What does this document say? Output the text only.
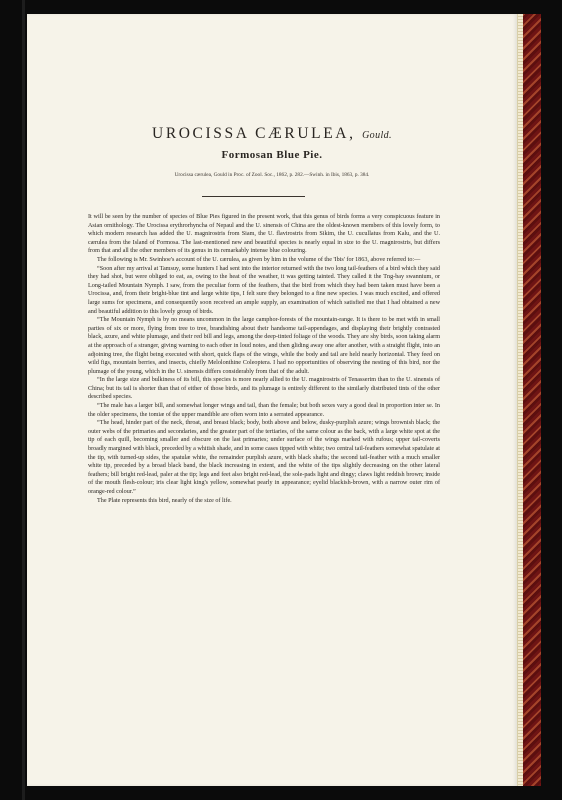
UROCISSA CÆRULEA, Gould.
Formosan Blue Pie.

Urocissa cærulea, Gould in Proc. of Zool. Soc., 1862, p. 282.—Swinh. in Ibis, 1863, p. 384.

It will be seen by the number of species of Blue Pies figured in the present work, that this genus of birds forms a very conspicuous feature in Asian ornithology. The Urocissa erythrorhyncha of Nepaul and the U. sinensis of China are the oldest-known members of this lovely form, to which modern research has added the U. magnirostris from Siam, the U. flavirostris from Sikim, the U. cucullatus from Kalu, and the U. cærulea from the Island of Formosa. The last-mentioned new and beautiful species is nearly equal in size to the U. magnirostris, but differs from that and all the other members of its genus in its remarkably intense blue colouring.

The following is Mr. Swinhoe's account of the U. cærulea, as given by him in the volume of the 'Ibis' for 1863, above referred to:—

“Soon after my arrival at Tamsuy, some hunters I had sent into the interior returned with the two long tail-feathers of a bird which they said they had shot, but were obliged to eat, as, owing to the heat of the weather, it was getting tainted. They called it the Tng-bay swannium, or Long-tailed Mountain Nymph. I saw, from the peculiar form of the feathers, that the bird from which they had been taken must have been a Urocissa, and, from their bright-blue tint and large white tips, I felt sure they belonged to a fine new species. I was much excited, and offered large sums for specimens, and consequently soon received an ample supply, an examination of which satisfied me that I had obtained a new and beautiful addition to this lovely group of birds.

“The Mountain Nymph is by no means uncommon in the large camphor-forests of the mountain-range. It is there to be met with in small parties of six or more, flying from tree to tree, brandishing about their handsome tail-appendages, and displaying their brightly contrasted black, azure, and white plumage, and their red bill and legs, among the deep-tinted foliage of the woods. They are shy birds, soon taking alarm at the approach of a stranger, giving warning to each other in loud notes, and then gliding away one after another, with a straight flight, into an adjoining tree, the flight being executed with short, quick flaps of the wings, while the body and tail are held nearly horizontal. They feed on wild figs, mountain berries, and insects, chiefly Melolonthine Coleoptera. I had no opportunities of observing the nesting of this bird, nor the plumage of the young, which in the U. sinensis differs considerably from that of the adult.

“In the large size and bulkiness of its bill, this species is more nearly allied to the U. magnirostris of Tenasserim than to the U. sinensis of China; but its tail is shorter than that of either of those birds, and its plumage is entirely different to the similarly distributed tints of the other described species.

“The male has a larger bill, and somewhat longer wings and tail, than the female; but both sexes vary a good deal in proportion inter se. In the older specimens, the tomiæ of the upper mandible are often worn into a serrated appearance.

“The head, hinder part of the neck, throat, and breast black; body, both above and below, dusky-purplish azure; wings brownish black; the outer webs of the primaries and secondaries, and the greater part of the tertiaries, of the same colour as the back, with a large white spot at the tip of each quill, becoming smaller and obscure on the last primaries; under surface of the wings marked with rufous; upper tail-coverts broadly margined with black, preceded by a whitish shade, and in some cases tipped with white; two central tail-feathers somewhat spatulate at the tip, with turned-up sides, the spatulæ white, the remainder purplish azure, with black shafts; the second tail-feather with a much smaller white tip, preceded by a broad black band, the black increasing in extent, and the white of the tips slightly decreasing on the other lateral feathers; bill bright red-lead, paler at the tip; legs and feet also bright red-lead, the sole-pads light and dingy; claws light reddish brown; inside of the mouth flesh-colour; iris clear light king's yellow, somewhat pearly in appearance; eyelid blackish-brown, with a narrow outer rim of orange-red colour.”

The Plate represents this bird, nearly of the size of life.
